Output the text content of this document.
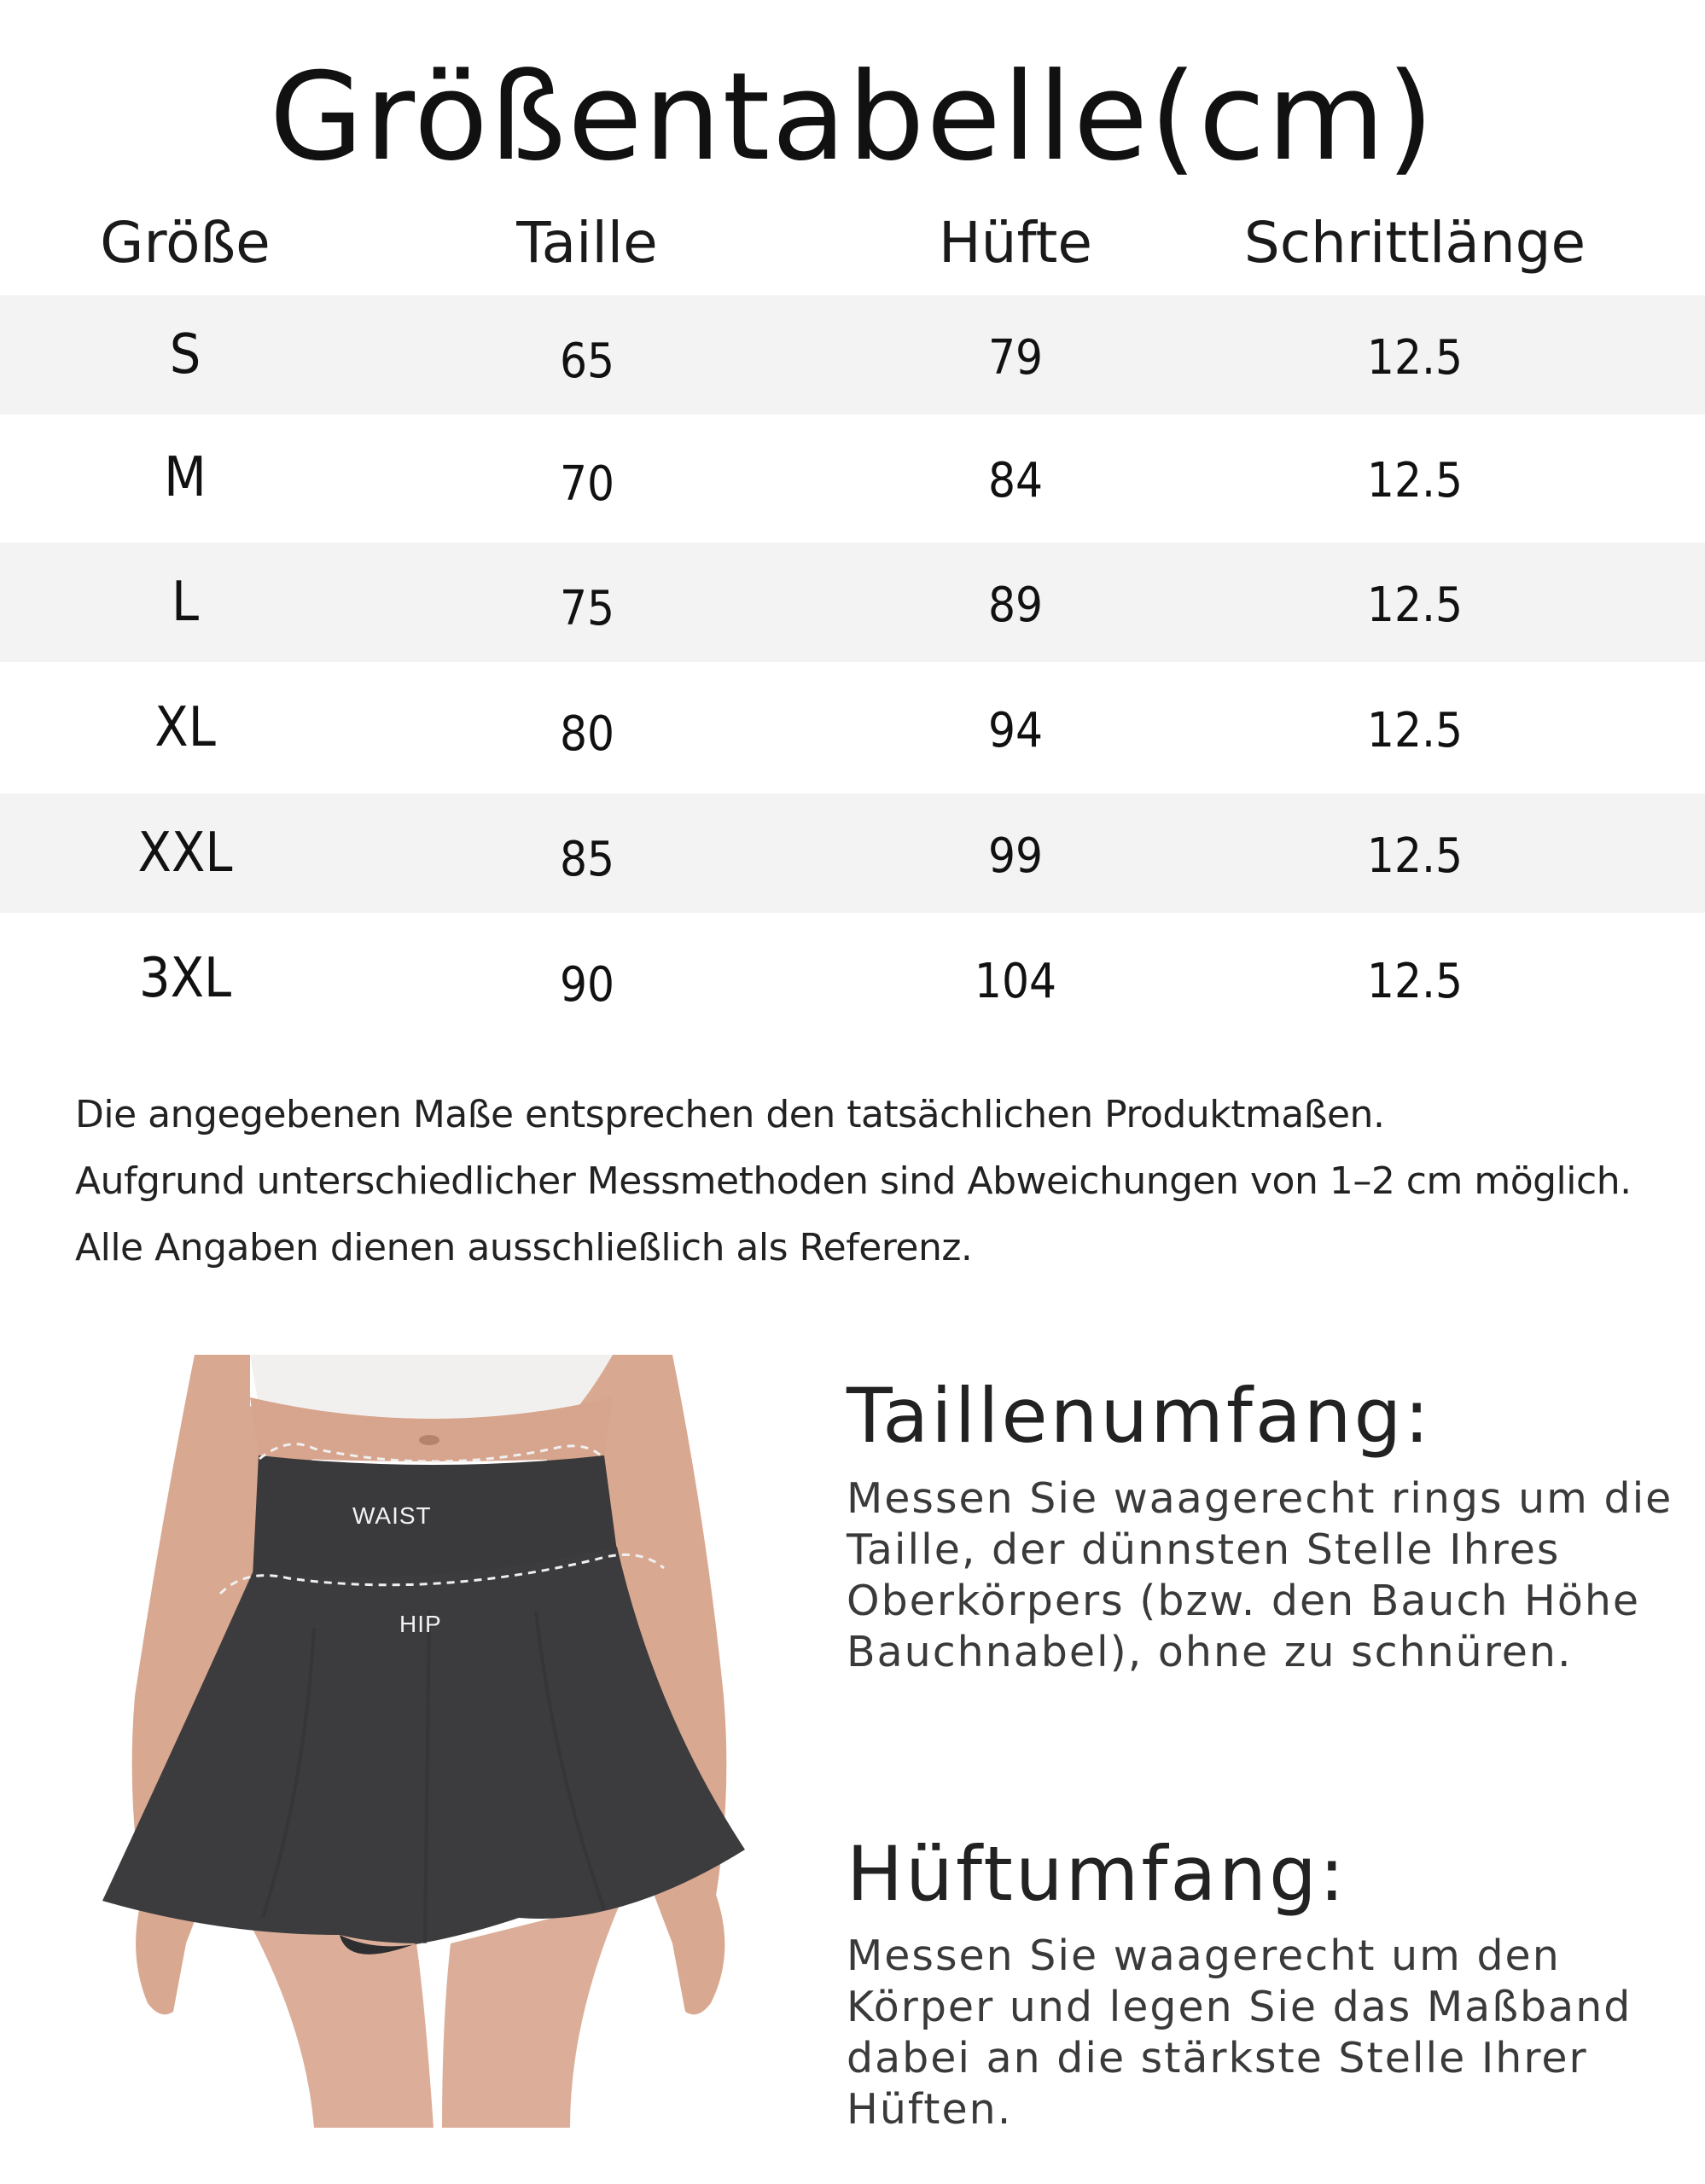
Größentabelle(cm)
Größe	Taille	Hüfte	Schrittlänge
S	65	79	12.5
M	70	84	12.5
L	75	89	12.5
XL	80	94	12.5
XXL	85	99	12.5
3XL	90	104	12.5
Die angegebenen Maße entsprechen den tatsächlichen Produktmaßen.
Aufgrund unterschiedlicher Messmethoden sind Abweichungen von 1–2 cm möglich.
Alle Angaben dienen ausschließlich als Referenz.
WAIST
HIP
Taillenumfang:
Messen Sie waagerecht rings um die
Taille, der dünnsten Stelle Ihres
Oberkörpers (bzw. den Bauch Höhe
Bauchnabel), ohne zu schnüren.
Hüftumfang:
Messen Sie waagerecht um den
Körper und legen Sie das Maßband
dabei an die stärkste Stelle Ihrer
Hüften.
